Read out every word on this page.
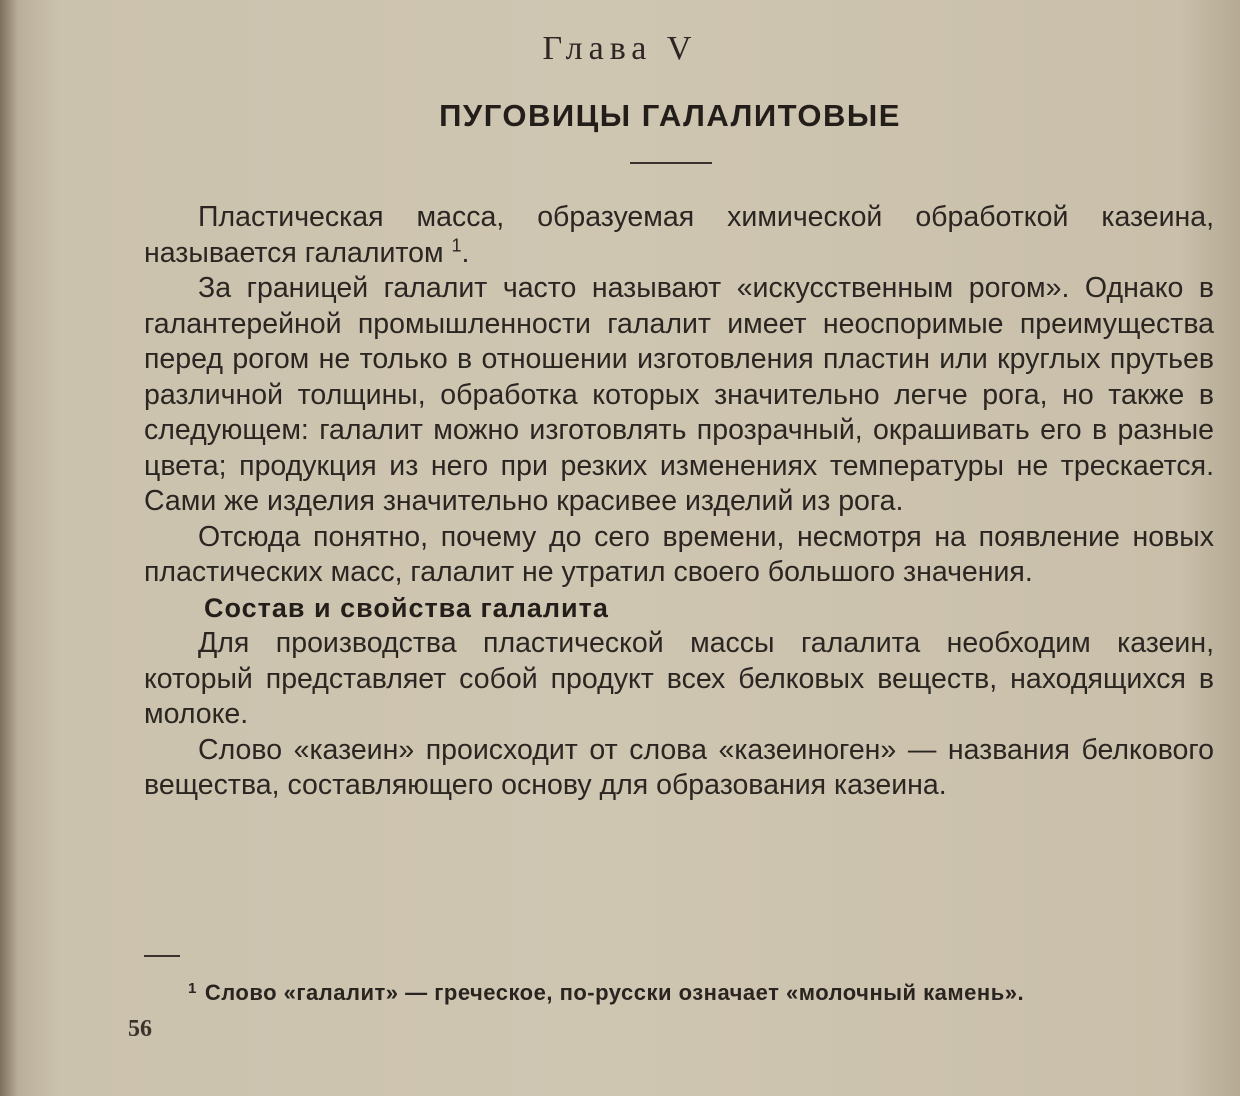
Глава V
ПУГОВИЦЫ ГАЛАЛИТОВЫЕ

Пластическая масса, образуемая химической обработкой казеина, называется галалитом $^1$.

За границей галалит часто называют «искусственным рогом». Однако в галантерейной промышленности галалит имеет неоспоримые преимущества перед рогом не только в отношении изготовления пластин или круглых прутьев различной толщины, обработка которых значительно легче рога, но также в следующем: галалит можно изготовлять прозрачный, окрашивать его в разные цвета; продукция из него при резких изменениях температуры не трескается. Сами же изделия значительно красивее изделий из рога.

Отсюда понятно, почему до сего времени, несмотря на появление новых пластических масс, галалит не утратил своего большого значения.

Состав и свойства галалита

Для производства пластической массы галалита необходим казеин, который представляет собой продукт всех белковых веществ, находящихся в молоке.

Слово «казеин» происходит от слова «казеиноген» — названия белкового вещества, составляющего основу для образования казеина.

$^1$ Слово «галалит» — греческое, по-русски означает «молочный камень».
56
